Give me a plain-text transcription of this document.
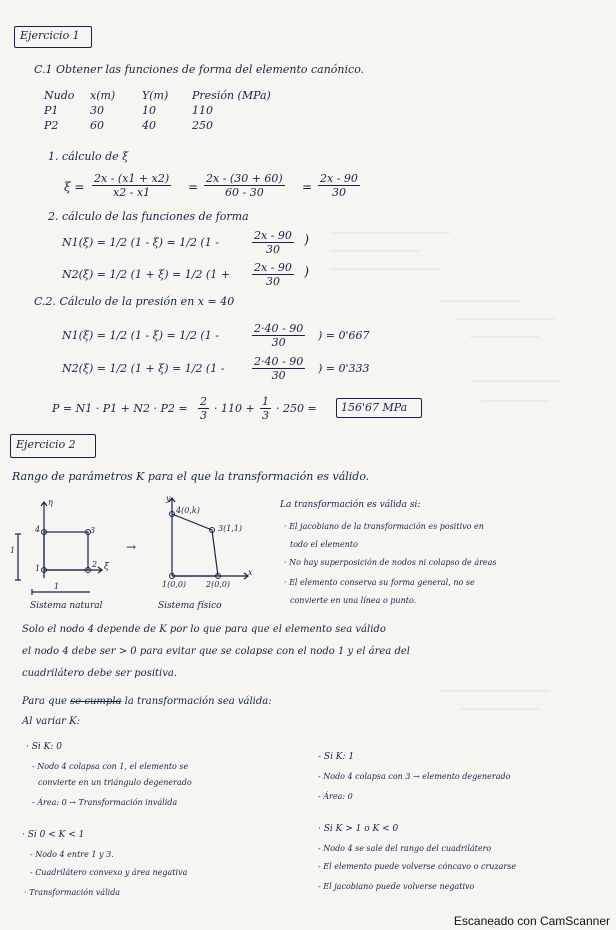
Ejercicio 1
C.1 Obtener las funciones de forma del elemento canónico.
Nudo	x(m)	Y(m)	Presión (MPa)
P1	30	10	110
P2	60	40	250
1. cálculo de ξ
$\xi = \frac{2x - (x1 + x2)}{x2 - x1} = \frac{2x - (30 + 60)}{60 - 30} = \frac{2x - 90}{30}$
2. cálculo de las funciones de forma
N1(ξ) = 1/2 (1 - ξ) = 1/2 (1 -	$\frac{2x - 90}{30}$ )
N2(ξ) = 1/2 (1 + ξ) = 1/2 ($1 + \frac{2x - 90}{30}$ )
C.2. Cálculo de la presión en x = 40
N1(ξ) = 1/2 (1 - ξ) = 1/2 (1 -	$\frac{2\cdot 40 - 90}{30}$ ) = 0'667
N2(ξ) = 1/2 (1 + ξ) = 1/2 (1 -	$\frac{2\cdot 40 - 90}{30}$ ) = 0'333
$P = N1 \cdot P1 + N2 \cdot P2 = \frac{2}{3} \cdot 110 + \frac{1}{3} \cdot 250 = 156'67$ MPa
Ejercicio 2
Rango de parámetros K para el que la transformación es válido.
η
ξ
4	3
1	2
1
1
Sistema natural
→
y
x
4(0,k)
3(1,1)
1(0,0) 2(0,0)
Sistema físico
La transformación es válida si:
· El jacobiano de la transformación es positivo en
todo el elemento
· No hay superposición de nodos ni colapso de áreas
· El elemento conserva su forma general, no se
convierte en una línea o punto.
Solo el nodo 4 depende de K por lo que para que el elemento sea válido
el nodo 4 debe ser > 0 para evitar que se colapse con el nodo 1 y el área del
cuadrilátero debe ser positiva.
Para que se cumpla la transformación sea válida:
Al variar K:
· Si K: 0
- Nodo 4 colapsa con 1, el elemento se
convierte en un triángulo degenerado
- Área: 0 → Transformación inválida
- Si K: 1
- Nodo 4 colapsa con 3 → elemento degenerado
- Área: 0
· Si 0 < K < 1
- Nodo 4 entre 1 y 3.
- Cuadrilátero convexo y área negativa
· Transformación válida
· Si K > 1 o K < 0
- Nodo 4 se sale del rango del cuadrilátero
- El elemento puede volverse cóncavo o cruzarse
- El jacobiano puede volverse negativo
Escaneado con CamScanner
